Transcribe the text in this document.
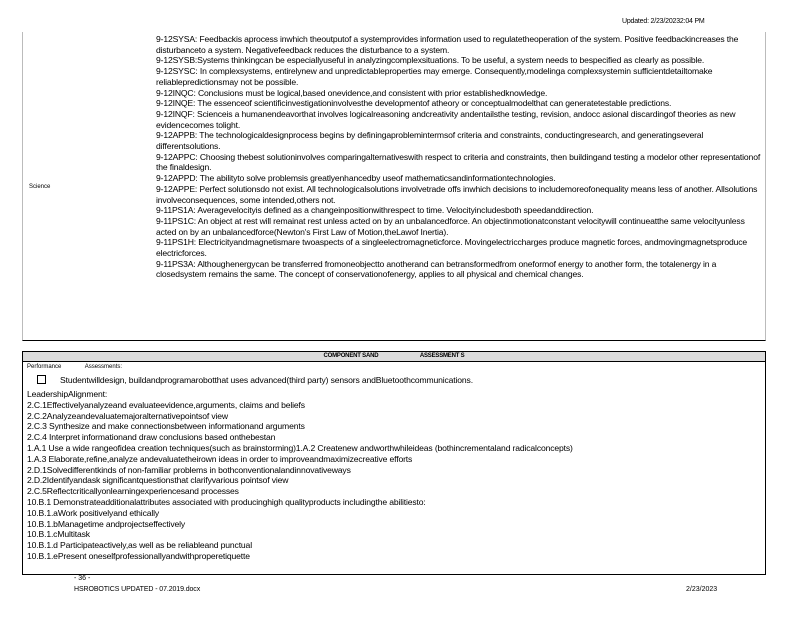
Updated: 2/23/20232:04 PM
Science

9-12SYSA: Feedbackis aprocess inwhich theoutputof a systemprovides information used to regulatetheoperation of the system. Positive feedbackincreases the disturbanceto a system. Negativefeedback reduces the disturbance to a system.

9-12SYSB:Systems thinkingcan be especiallyuseful in analyzingcomplexsituations. To be useful, a system needs to bespecified as clearly as possible.

9-12SYSC: In complexsystems, entirelynew and unpredictableproperties may emerge. Consequently,modelinga complexsystemin sufficientdetailtomake reliablepredictionsmay not be possible.

9-12INQC: Conclusions must be logical,based onevidence,and consistent with prior establishedknowledge.

9-12INQE: The essenceof scientificinvestigationinvolvesthe developmentof atheory or conceptualmodelthat can generatetestable predictions.

9-12INQF: Scienceis a humanendeavorthat involves logicalreasoning andcreativity andentailsthe testing, revision, andocc asional discardingof theories as new evidencecomes tolight.

9-12APPB: The technologicaldesignprocess begins by definingaproblemintermsof criteria and constraints, conductingresearch, and generatingseveral differentsolutions.

9-12APPC: Choosing thebest solutioninvolves comparingalternativeswith respect to criteria and constraints, then buildingand testing a modelor other representationof the finaldesign.

9-12APPD: The abilityto solve problemsis greatlyenhancedby useof mathematicsandinformationtechnologies.

9-12APPE: Perfect solutionsdo not exist. All technologicalsolutions involvetrade offs inwhich decisions to includemoreofonequality means less of another. Allsolutions involveconsequences, some intended,others not.

9-11PS1A: Averagevelocityis defined as a changeinpositionwithrespect to time. Velocityincludesboth speedanddirection.

9-11PS1C: An object at rest will remainat rest unless acted on by an unbalancedforce. An objectinmotionatconstant velocitywill continueatthe same velocityunless acted on by an unbalancedforce(Newton's First Law of Motion,theLawof Inertia).

9-11PS1H: Electricityandmagnetismare twoaspects of a singleelectromagneticforce. Movingelectriccharges produce magnetic forces, andmovingmagnetsproduce electricforces.

9-11PS3A: Althoughenergycan be transferred fromoneobjectto anotherand can betransformedfrom oneformof energy to another form, the totalenergy in a closedsystem remains the same. The concept of conservationofenergy, applies to all physical and chemical changes.

COMPONENT SAND	ASSESSMENT S
Performance	Assessments:
Studentwilldesign, buildandprogramarobotthat uses advanced(third party) sensors andBluetoothcommunications.

LeadershipAlignment:

2.C.1Effectivelyanalyzeand evaluateevidence,arguments, claims and beliefs

2.C.2Analyzeandevaluatemajoralternativepointsof view

2.C.3 Synthesize and make connectionsbetween informationand arguments

2.C.4 Interpret informationand draw conclusions based onthebestan

1.A.1 Use a wide rangeofidea creation techniques(such as brainstorming)1.A.2 Createnew andworthwhileideas (bothincrementaland radicalconcepts)

1.A.3 Elaborate,refine,analyze andevaluatetheirown ideas in order to improveandmaximizecreative efforts

2.D.1Solvedifferentkinds of non-familiar problems in bothconventionalandinnovativeways

2.D.2Identifyandask significantquestionsthat clarifyvarious pointsof view

2.C.5Reflectcriticallyonlearningexperiencesand processes

10.B.1 Demonstrateadditionalattributes associated with producinghigh qualityproducts includingthe abilitiesto:

10.B.1.aWork positivelyand ethically

10.B.1.bManagetime andprojectseffectively

10.B.1.cMultitask

10.B.1.d Participateactively,as well as be reliableand punctual

10.B.1.ePresent oneselfprofessionallyandwithproperetiquette

- 36 -
HSROBOTICS UPDATED - 07.2019.docx	2/23/2023
